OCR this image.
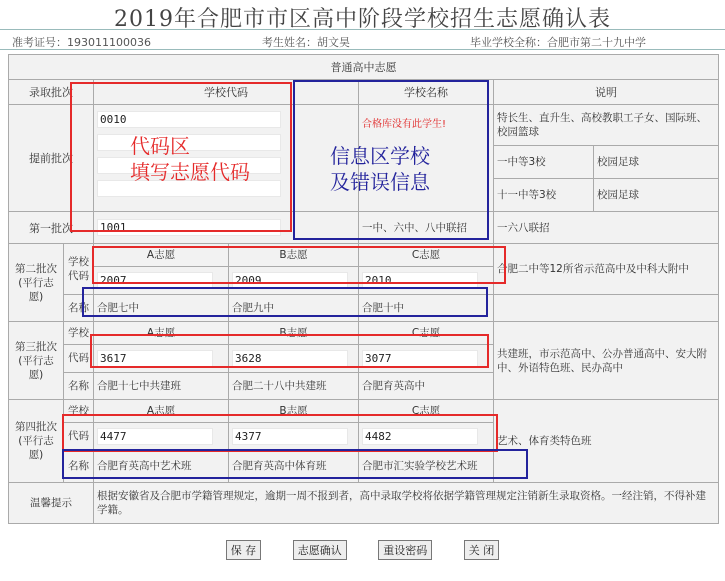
2019年合肥市市区高中阶段学校招生志愿确认表
准考证号：193011100036	考生姓名：胡文昊	毕业学校全称：合肥市第二十九中学
普通高中志愿						
录取批次		学校代码		学校名称	说明	
提前批次		0010		合格库没有此学生!	特长生、直升生、高校教职工子女、国际班、校园篮球	
					一中等3校	校园足球
					十一中等3校	校园足球
第一批次		1001		一中、六中、八中联招	一六八联招	
第二批次(平行志愿)	学校代码	A志愿	B志愿	C志愿	合肥二中等12所省示范高中及中科大附中	
		2007	2009	2010		
	名称	合肥七中	合肥九中	合肥十中		
第三批次(平行志愿)	学校	A志愿	B志愿	C志愿	共建班，市示范高中、公办普通高中、安大附中、外语特色班、民办高中	
	代码	3617	3628	3077		
	名称	合肥十七中共建班	合肥二十八中共建班	合肥育英高中		
第四批次(平行志愿)	学校	A志愿	B志愿	C志愿	艺术、体育类特色班	
	代码	4477	4377	4482		
	名称	合肥育英高中艺术班	合肥育英高中体育班	合肥市汇实验学校艺术班		
温馨提示		根据安徽省及合肥市学籍管理规定，逾期一周不报到者，高中录取学校将依据学籍管理规定注销新生录取资格。一经注销，不得补建学籍。				
代码区
填写志愿代码
信息区学校
及错误信息
保 存	志愿确认	重设密码	关 闭
